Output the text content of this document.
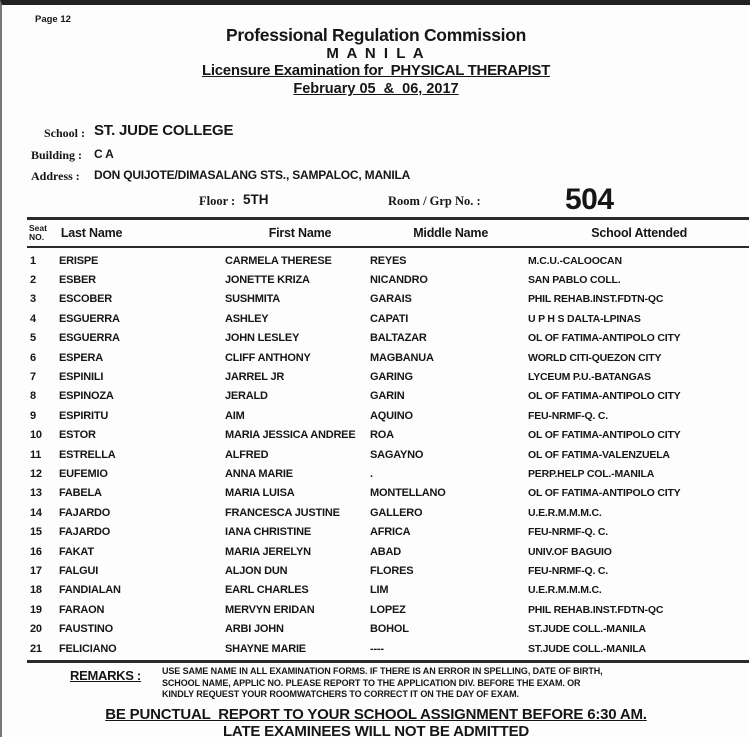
Page 12
Professional Regulation Commission
M A N I L A
Licensure Examination for  PHYSICAL THERAPIST
February 05  &  06, 2017
School : ST. JUDE COLLEGE
Building : C A
Address : DON QUIJOTE/DIMASALANG STS., SAMPALOC, MANILA
Floor : 5TH	Room / Grp No. :	504
Seat
NO.	Last Name	First Name	Middle Name	School Attended
1	ERISPE	CARMELA THERESE	REYES	M.C.U.-CALOOCAN
2	ESBER	JONETTE KRIZA	NICANDRO	SAN PABLO COLL.
3	ESCOBER	SUSHMITA	GARAIS	PHIL REHAB.INST.FDTN-QC
4	ESGUERRA	ASHLEY	CAPATI	U P H S DALTA-LPINAS
5	ESGUERRA	JOHN LESLEY	BALTAZAR	OL OF FATIMA-ANTIPOLO CITY
6	ESPERA	CLIFF ANTHONY	MAGBANUA	WORLD CITI-QUEZON CITY
7	ESPINILI	JARREL JR	GARING	LYCEUM P.U.-BATANGAS
8	ESPINOZA	JERALD	GARIN	OL OF FATIMA-ANTIPOLO CITY
9	ESPIRITU	AIM	AQUINO	FEU-NRMF-Q. C.
10	ESTOR	MARIA JESSICA ANDREE	ROA	OL OF FATIMA-ANTIPOLO CITY
11	ESTRELLA	ALFRED	SAGAYNO	OL OF FATIMA-VALENZUELA
12	EUFEMIO	ANNA MARIE	.	PERP.HELP COL.-MANILA
13	FABELA	MARIA LUISA	MONTELLANO	OL OF FATIMA-ANTIPOLO CITY
14	FAJARDO	FRANCESCA JUSTINE	GALLERO	U.E.R.M.M.M.C.
15	FAJARDO	IANA CHRISTINE	AFRICA	FEU-NRMF-Q. C.
16	FAKAT	MARIA JERELYN	ABAD	UNIV.OF BAGUIO
17	FALGUI	ALJON DUN	FLORES	FEU-NRMF-Q. C.
18	FANDIALAN	EARL CHARLES	LIM	U.E.R.M.M.M.C.
19	FARAON	MERVYN ERIDAN	LOPEZ	PHIL REHAB.INST.FDTN-QC
20	FAUSTINO	ARBI JOHN	BOHOL	ST.JUDE COLL.-MANILA
21	FELICIANO	SHAYNE MARIE	----	ST.JUDE COLL.-MANILA
REMARKS : USE SAME NAME IN ALL EXAMINATION FORMS. IF THERE IS AN ERROR IN SPELLING, DATE OF BIRTH,
SCHOOL NAME, APPLIC NO. PLEASE REPORT TO THE APPLICATION DIV. BEFORE THE EXAM. OR
KINDLY REQUEST YOUR ROOMWATCHERS TO CORRECT IT ON THE DAY OF EXAM.
BE PUNCTUAL  REPORT TO YOUR SCHOOL ASSIGNMENT BEFORE 6:30 AM.
LATE EXAMINEES WILL NOT BE ADMITTED
